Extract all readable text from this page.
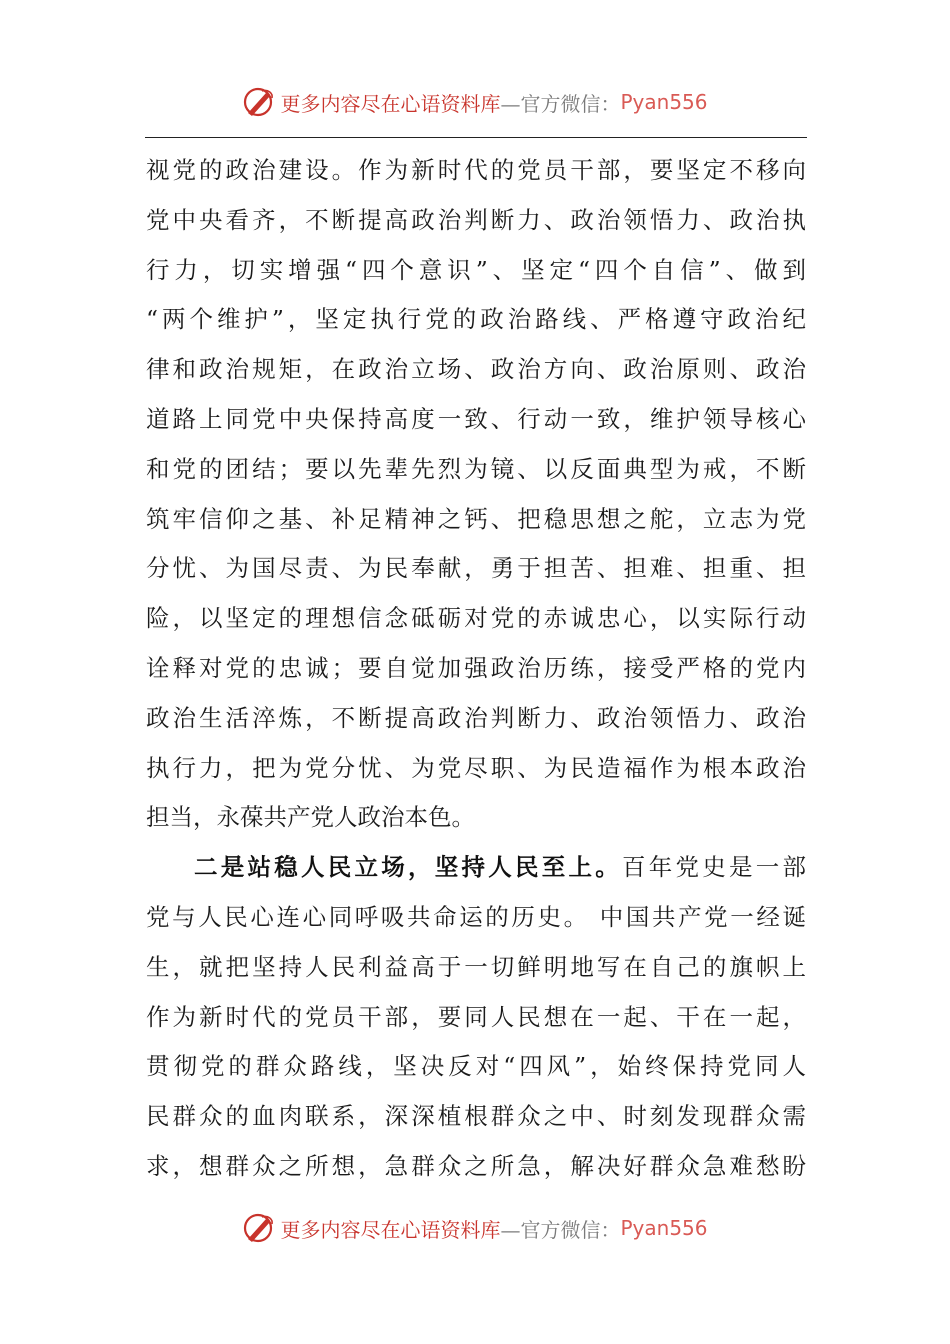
更多内容尽在心语资料库 —官方微信： Pyan556
视党的政治建设。作为新时代的党员干部，要坚定不移向
党中央看齐，不断提高政治判断力、政治领悟力、政治执
行力，切实增强“四个意识”、坚定“四个自信”、做到
“两个维护”，坚定执行党的政治路线、严格遵守政治纪
律和政治规矩，在政治立场、政治方向、政治原则、政治
道路上同党中央保持高度一致、行动一致，维护领导核心
和党的团结；要以先辈先烈为镜、以反面典型为戒，不断
筑牢信仰之基、补足精神之钙、把稳思想之舵，立志为党
分忧、为国尽责、为民奉献，勇于担苦、担难、担重、担
险，以坚定的理想信念砥砺对党的赤诚忠心，以实际行动
诠释对党的忠诚；要自觉加强政治历练，接受严格的党内
政治生活淬炼，不断提高政治判断力、政治领悟力、政治
执行力，把为党分忧、为党尽职、为民造福作为根本政治
担当，永葆共产党人政治本色。
二是站稳人民立场，坚持人民至上。百年党史是一部
党与人民心连心同呼吸共命运的历史。 中国共产党一经诞
生，就把坚持人民利益高于一切鲜明地写在自己的旗帜上
作为新时代的党员干部，要同人民想在一起、干在一起，
贯彻党的群众路线，坚决反对“四风”，始终保持党同人
民群众的血肉联系，深深植根群众之中、时刻发现群众需
求，想群众之所想，急群众之所急，解决好群众急难愁盼
更多内容尽在心语资料库 —官方微信： Pyan556
